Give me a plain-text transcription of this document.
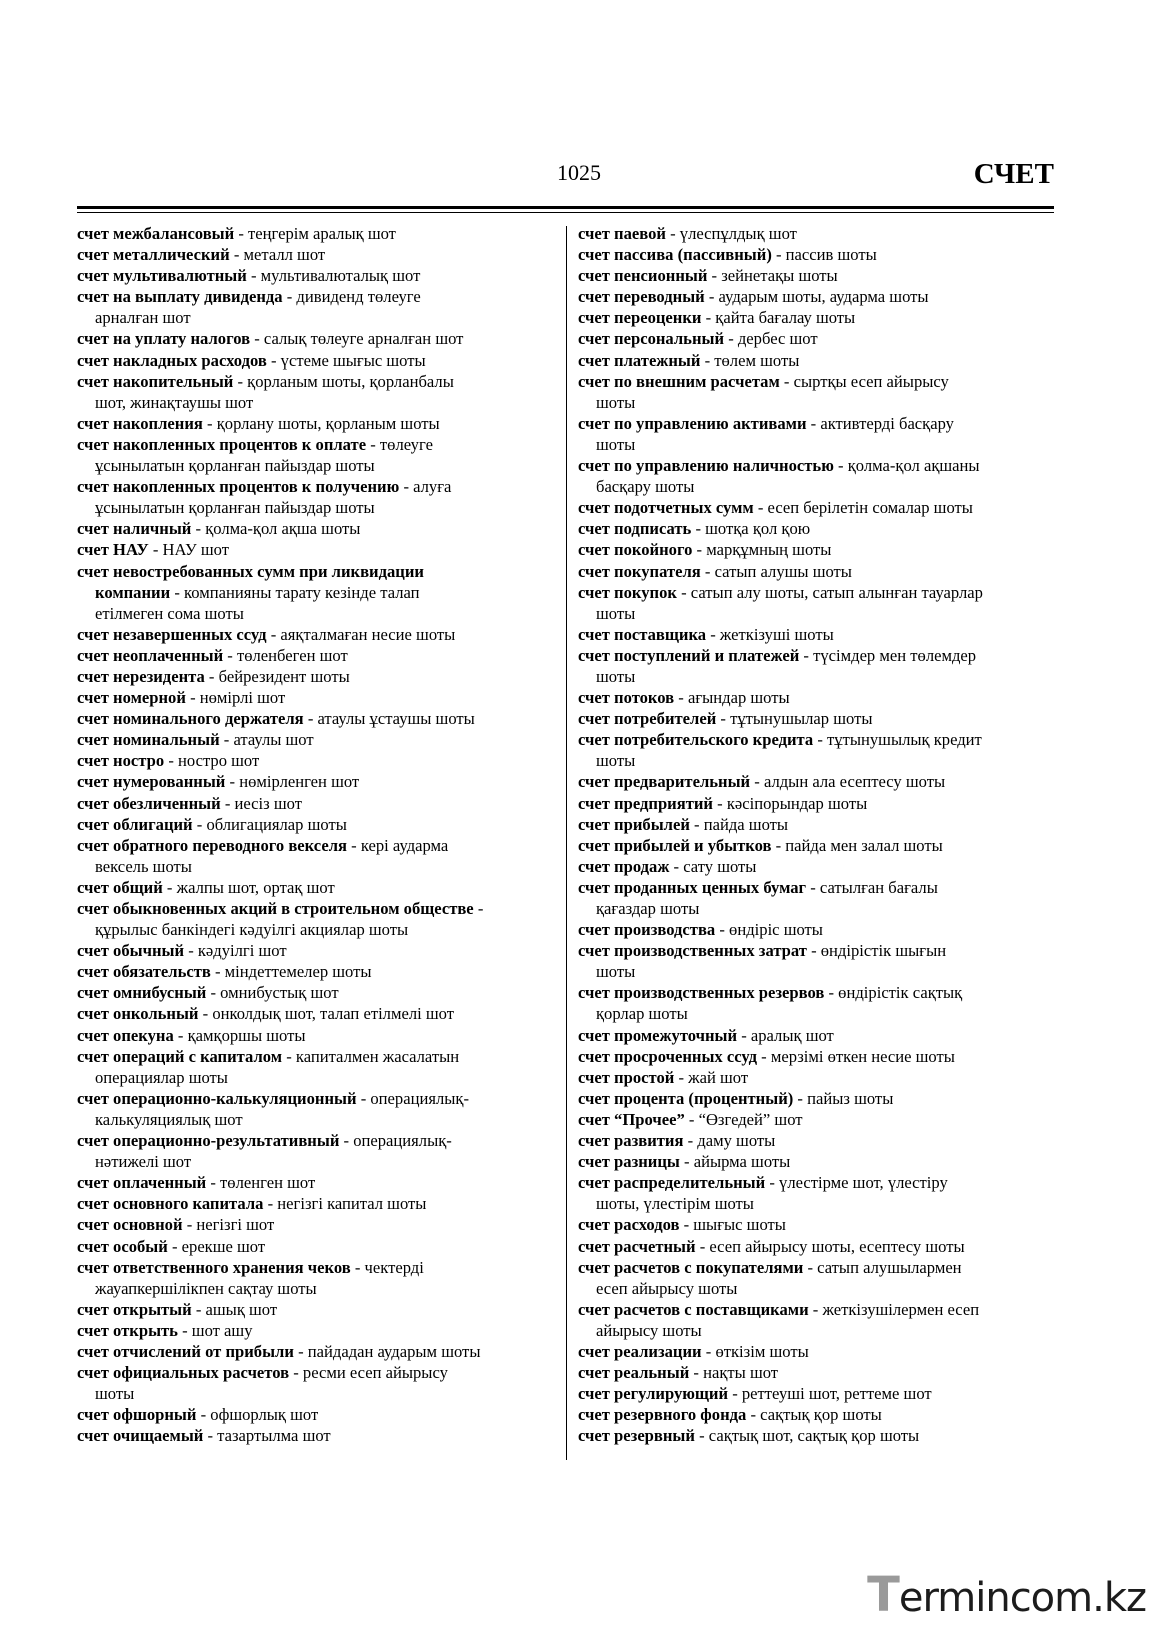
1025	СЧЕТ
счет межбалансовый - теңгерім аралық шот
счет металлический - металл шот
счет мультивалютный - мультивалюталық шот
счет на выплату дивиденда - дивиденд төлеуге
арналған шот
счет на уплату налогов - салық төлеуге арналған шот
счет накладных расходов - үстеме шығыс шоты
счет накопительный - қорланым шоты, қорланбалы
шот, жинақтаушы шот
счет накопления - қорлану шоты, қорланым шоты
счет накопленных процентов к оплате - төлеуге
ұсынылатын қорланған пайыздар шоты
счет накопленных процентов к получению - алуға
ұсынылатын қорланған пайыздар шоты
счет наличный - қолма-қол ақша шоты
счет НАУ - НАУ шот
счет невостребованных сумм при ликвидации
компании - компанияны тарату кезінде талап
етілмеген сома шоты
счет незавершенных ссуд - аяқталмаған несие шоты
счет неоплаченный - төленбеген шот
счет нерезидента - бейрезидент шоты
счет номерной - нөмірлі шот
счет номинального держателя - атаулы ұстаушы шоты
счет номинальный - атаулы шот
счет ностро - ностро шот
счет нумерованный - нөмірленген шот
счет обезличенный - иесіз шот
счет облигаций - облигациялар шоты
счет обратного переводного векселя - кері аударма
вексель шоты
счет общий - жалпы шот, ортақ шот
счет обыкновенных акций в строительном обществе -
құрылыс банкіндегі кәдуілгі акциялар шоты
счет обычный - кәдуілгі шот
счет обязательств - міндеттемелер шоты
счет омнибусный - омнибустық шот
счет онкольный - онколдық шот, талап етілмелі шот
счет опекуна - қамқоршы шоты
счет операций с капиталом - капиталмен жасалатын
операциялар шоты
счет операционно-калькуляционный - операциялық-
калькуляциялық шот
счет операционно-результативный - операциялық-
нәтижелі шот
счет оплаченный - төленген шот
счет основного капитала - негізгі капитал шоты
счет основной - негізгі шот
счет особый - ерекше шот
счет ответственного хранения чеков - чектерді
жауапкершілікпен сақтау шоты
счет открытый - ашық шот
счет открыть - шот ашу
счет отчислений от прибыли - пайдадан аударым шоты
счет официальных расчетов - ресми есеп айырысу
шоты
счет офшорный - офшорлық шот
счет очищаемый - тазартылма шот
счет паевой - үлеспұлдық шот
счет пассива (пассивный) - пассив шоты
счет пенсионный - зейнетақы шоты
счет переводный - аударым шоты, аударма шоты
счет переоценки - қайта бағалау шоты
счет персональный - дербес шот
счет платежный - төлем шоты
счет по внешним расчетам - сыртқы есеп айырысу
шоты
счет по управлению активами - активтерді басқару
шоты
счет по управлению наличностью - қолма-қол ақшаны
басқару шоты
счет подотчетных сумм - есеп берілетін сомалар шоты
счет подписать - шотқа қол қою
счет покойного - марқұмның шоты
счет покупателя - сатып алушы шоты
счет покупок - сатып алу шоты, сатып алынған тауарлар
шоты
счет поставщика - жеткізуші шоты
счет поступлений и платежей - түсімдер мен төлемдер
шоты
счет потоков - ағындар шоты
счет потребителей - тұтынушылар шоты
счет потребительского кредита - тұтынушылық кредит
шоты
счет предварительный - алдын ала есептесу шоты
счет предприятий - кәсіпорындар шоты
счет прибылей - пайда шоты
счет прибылей и убытков - пайда мен залал шоты
счет продаж - сату шоты
счет проданных ценных бумаг - сатылған бағалы
қағаздар шоты
счет производства - өндіріс шоты
счет производственных затрат - өндірістік шығын
шоты
счет производственных резервов - өндірістік сақтық
қорлар шоты
счет промежуточный - аралық шот
счет просроченных ссуд - мерзімі өткен несие шоты
счет простой - жай шот
счет процента (процентный) - пайыз шоты
счет “Прочее” - “Өзгедей” шот
счет развития - даму шоты
счет разницы - айырма шоты
счет распределительный - үлестірме шот, үлестіру
шоты, үлестірім шоты
счет расходов - шығыс шоты
счет расчетный - есеп айырысу шоты, есептесу шоты
счет расчетов с покупателями - сатып алушылармен
есеп айырысу шоты
счет расчетов с поставщиками - жеткізушілермен есеп
айырысу шоты
счет реализации - өткізім шоты
счет реальный - нақты шот
счет регулирующий - реттеуші шот, реттеме шот
счет резервного фонда - сақтық қор шоты
счет резервный - сақтық шот, сақтық қор шоты
Termincom.kz
